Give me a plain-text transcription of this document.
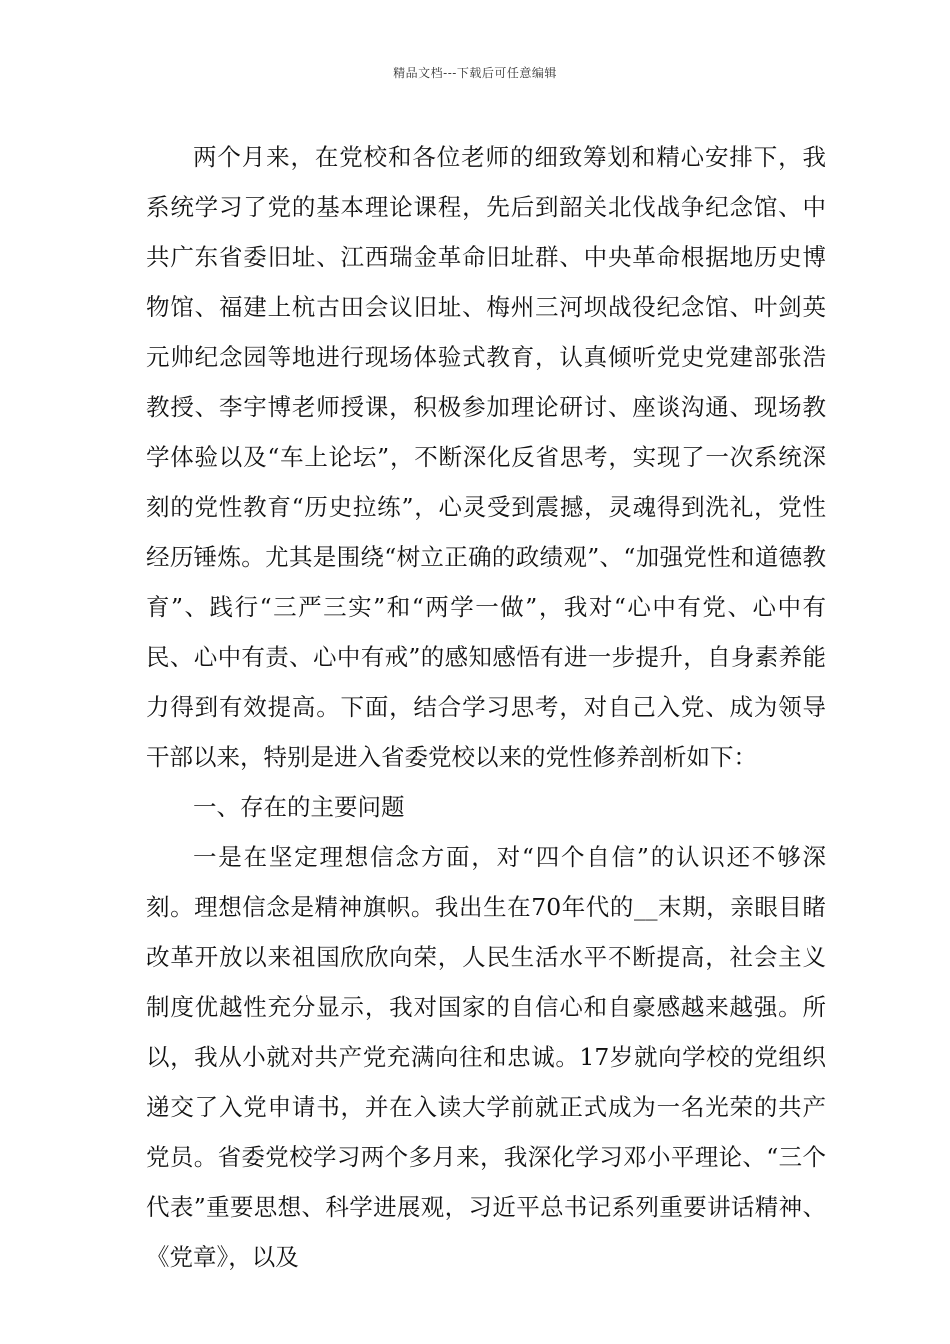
精品文档---下载后可任意编辑

两个月来，在党校和各位老师的细致筹划和精心安排下，我系统学习了党的基本理论课程，先后到韶关北伐战争纪念馆、中共广东省委旧址、江西瑞金革命旧址群、中央革命根据地历史博物馆、福建上杭古田会议旧址、梅州三河坝战役纪念馆、叶剑英元帅纪念园等地进行现场体验式教育，认真倾听党史党建部张浩教授、李宇博老师授课，积极参加理论研讨、座谈沟通、现场教学体验以及“车上论坛”，不断深化反省思考，实现了一次系统深刻的党性教育“历史拉练”，心灵受到震撼，灵魂得到洗礼，党性经历锤炼。尤其是围绕“树立正确的政绩观”、“加强党性和道德教育”、践行“三严三实”和“两学一做”，我对“心中有党、心中有民、心中有责、心中有戒”的感知感悟有进一步提升，自身素养能力得到有效提高。下面，结合学习思考，对自己入党、成为领导干部以来，特别是进入省委党校以来的党性修养剖析如下：

一、存在的主要问题

一是在坚定理想信念方面，对“四个自信”的认识还不够深刻。理想信念是精神旗帜。我出生在70年代的__末期，亲眼目睹改革开放以来祖国欣欣向荣，人民生活水平不断提高，社会主义制度优越性充分显示，我对国家的自信心和自豪感越来越强。所以，我从小就对共产党充满向往和忠诚。17岁就向学校的党组织递交了入党申请书，并在入读大学前就正式成为一名光荣的共产党员。省委党校学习两个多月来，我深化学习邓小平理论、“三个代表”重要思想、科学进展观，习近平总书记系列重要讲话精神、《党章》，以及
